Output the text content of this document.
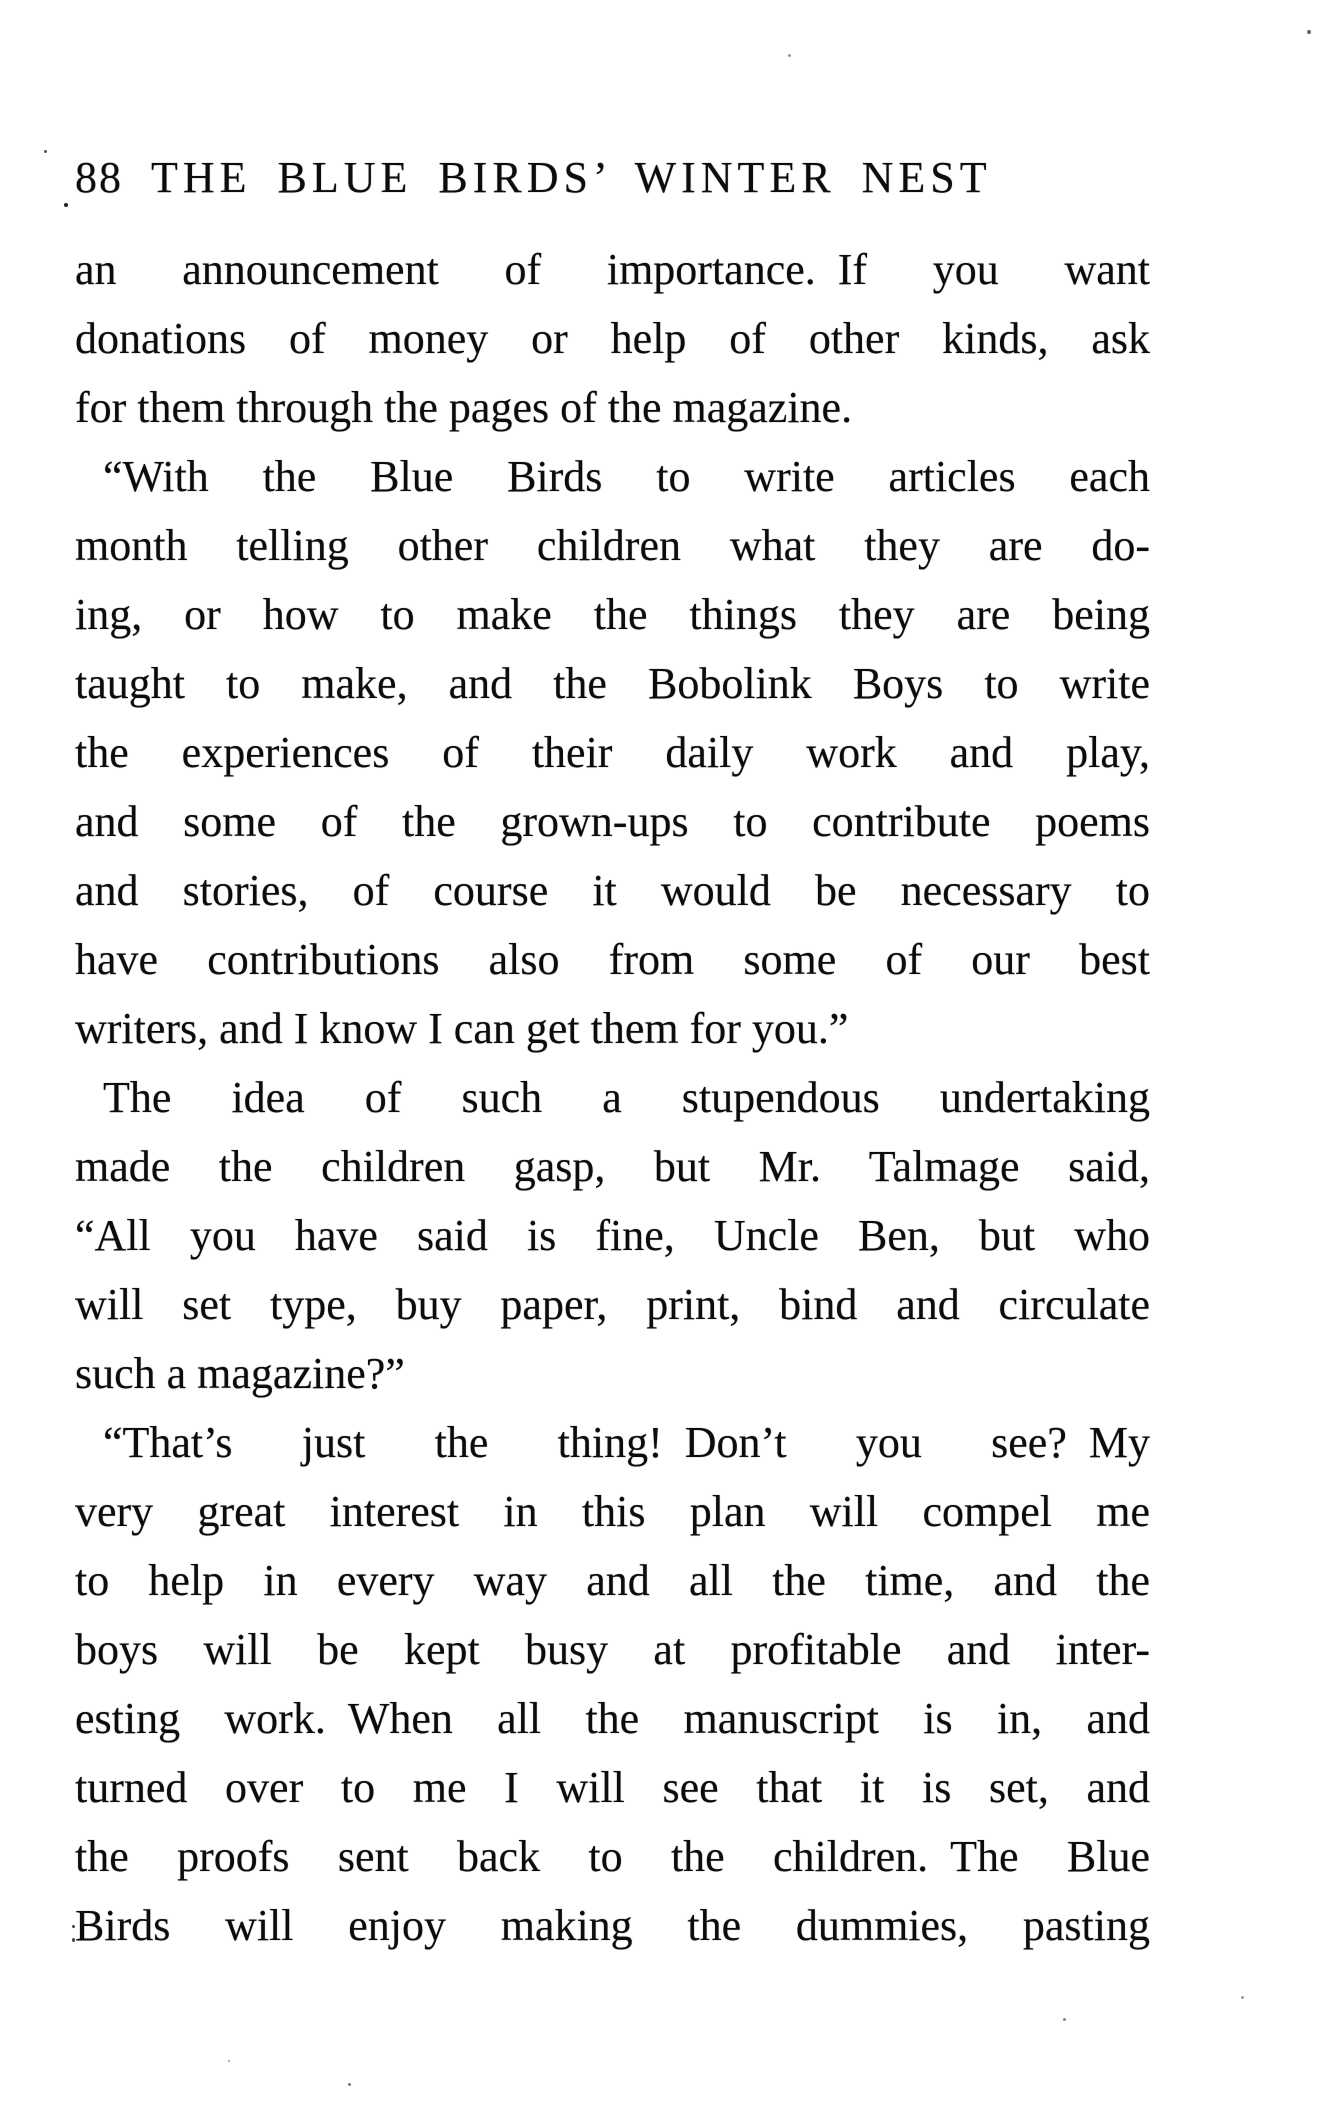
88 THE BLUE BIRDS’ WINTER NEST

an announcement of importance. If you want

donations of money or help of other kinds, ask

for them through the pages of the magazine.

“With the Blue Birds to write articles each

month telling other children what they are do-

ing, or how to make the things they are being

taught to make, and the Bobolink Boys to write

the experiences of their daily work and play,

and some of the grown-ups to contribute poems

and stories, of course it would be necessary to

have contributions also from some of our best

writers, and I know I can get them for you.”

The idea of such a stupendous undertaking

made the children gasp, but Mr. Talmage said,

“All you have said is fine, Uncle Ben, but who

will set type, buy paper, print, bind and circulate

such a magazine?”

“That’s just the thing! Don’t you see? My

very great interest in this plan will compel me

to help in every way and all the time, and the

boys will be kept busy at profitable and inter-

esting work. When all the manuscript is in, and

turned over to me I will see that it is set, and

the proofs sent back to the children. The Blue

Birds will enjoy making the dummies, pasting
